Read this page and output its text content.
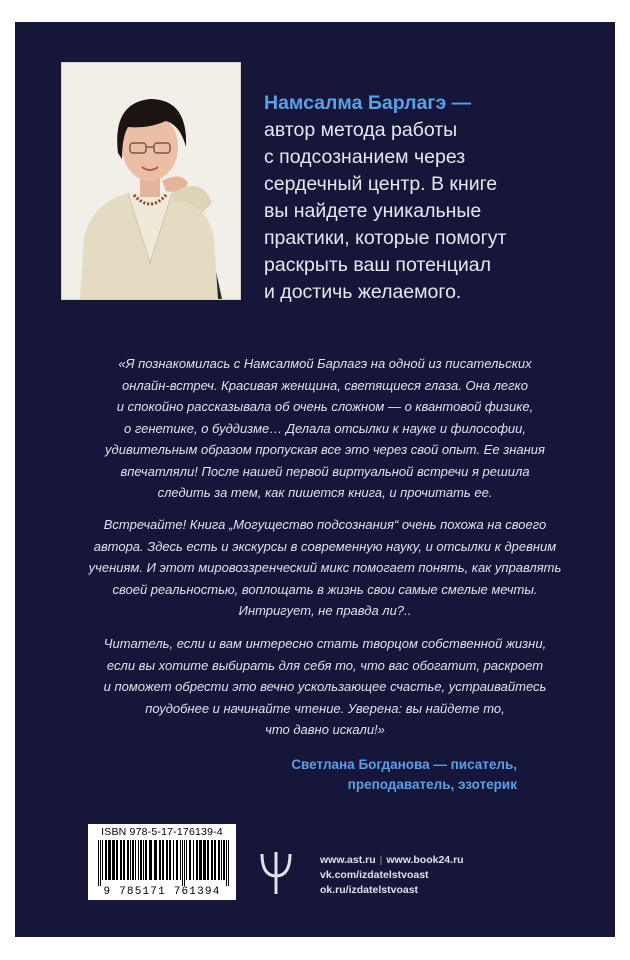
Намсалма Барлагэ —
автор метода работы
с подсознанием через
сердечный центр. В книге
вы найдете уникальные
практики, которые помогут
раскрыть ваш потенциал
и достичь желаемого.
«Я познакомилась с Намсалмой Барлагэ на одной из писательских
онлайн-встреч. Красивая женщина, светящиеся глаза. Она легко
и спокойно рассказывала об очень сложном — о квантовой физике,
о генетике, о буддизме… Делала отсылки к науке и философии,
удивительным образом пропуская все это через свой опыт. Ее знания
впечатляли! После нашей первой виртуальной встречи я решила
следить за тем, как пишется книга, и прочитать ее.
Встречайте! Книга „Могущество подсознания“ очень похожа на своего
автора. Здесь есть и экскурсы в современную науку, и отсылки к древним
учениям. И этот мировоззренческий микс помогает понять, как управлять
своей реальностью, воплощать в жизнь свои самые смелые мечты.
Интригует, не правда ли?..
Читатель, если и вам интересно стать творцом собственной жизни,
если вы хотите выбирать для себя то, что вас обогатит, раскроет
и поможет обрести это вечно ускользающее счастье, устраивайтесь
поудобнее и начинайте чтение. Уверена: вы найдете то,
что давно искали!»
Светлана Богданова — писатель,
преподаватель, эзотерик
ISBN 978-5-17-176139-4
9 785171 761394
www.ast.ru | www.book24.ru
vk.com/izdatelstvoast
ok.ru/izdatelstvoast
